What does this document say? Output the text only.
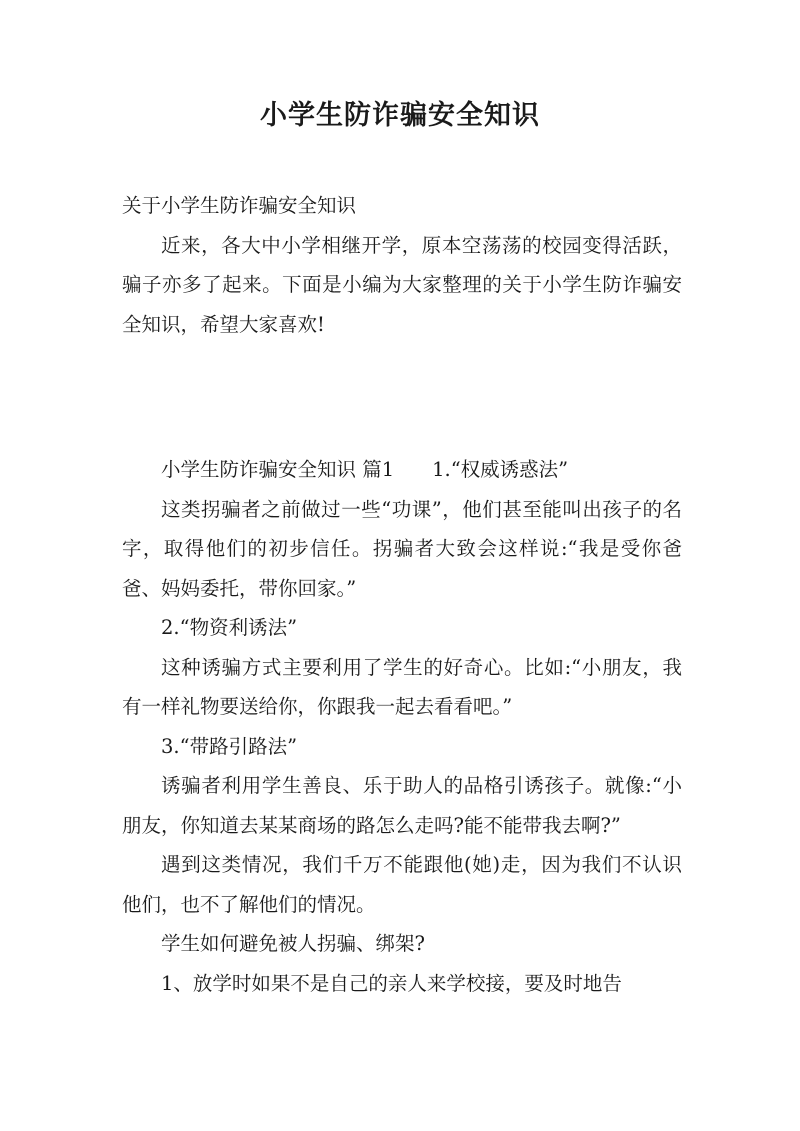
小学生防诈骗安全知识

关于小学生防诈骗安全知识

近来，各大中小学相继开学，原本空荡荡的校园变得活跃，骗子亦多了起来。下面是小编为大家整理的关于小学生防诈骗安全知识，希望大家喜欢!

小学生防诈骗安全知识 篇1 1.“权威诱惑法”

这类拐骗者之前做过一些“功课”，他们甚至能叫出孩子的名字，取得他们的初步信任。拐骗者大致会这样说:“我是受你爸爸、妈妈委托，带你回家。”

2.“物资利诱法”

这种诱骗方式主要利用了学生的好奇心。比如:“小朋友，我有一样礼物要送给你，你跟我一起去看看吧。”

3.“带路引路法”

诱骗者利用学生善良、乐于助人的品格引诱孩子。就像:“小朋友，你知道去某某商场的路怎么走吗?能不能带我去啊?”

遇到这类情况，我们千万不能跟他(她)走，因为我们不认识他们，也不了解他们的情况。

学生如何避免被人拐骗、绑架?

1、放学时如果不是自己的亲人来学校接，要及时地告
